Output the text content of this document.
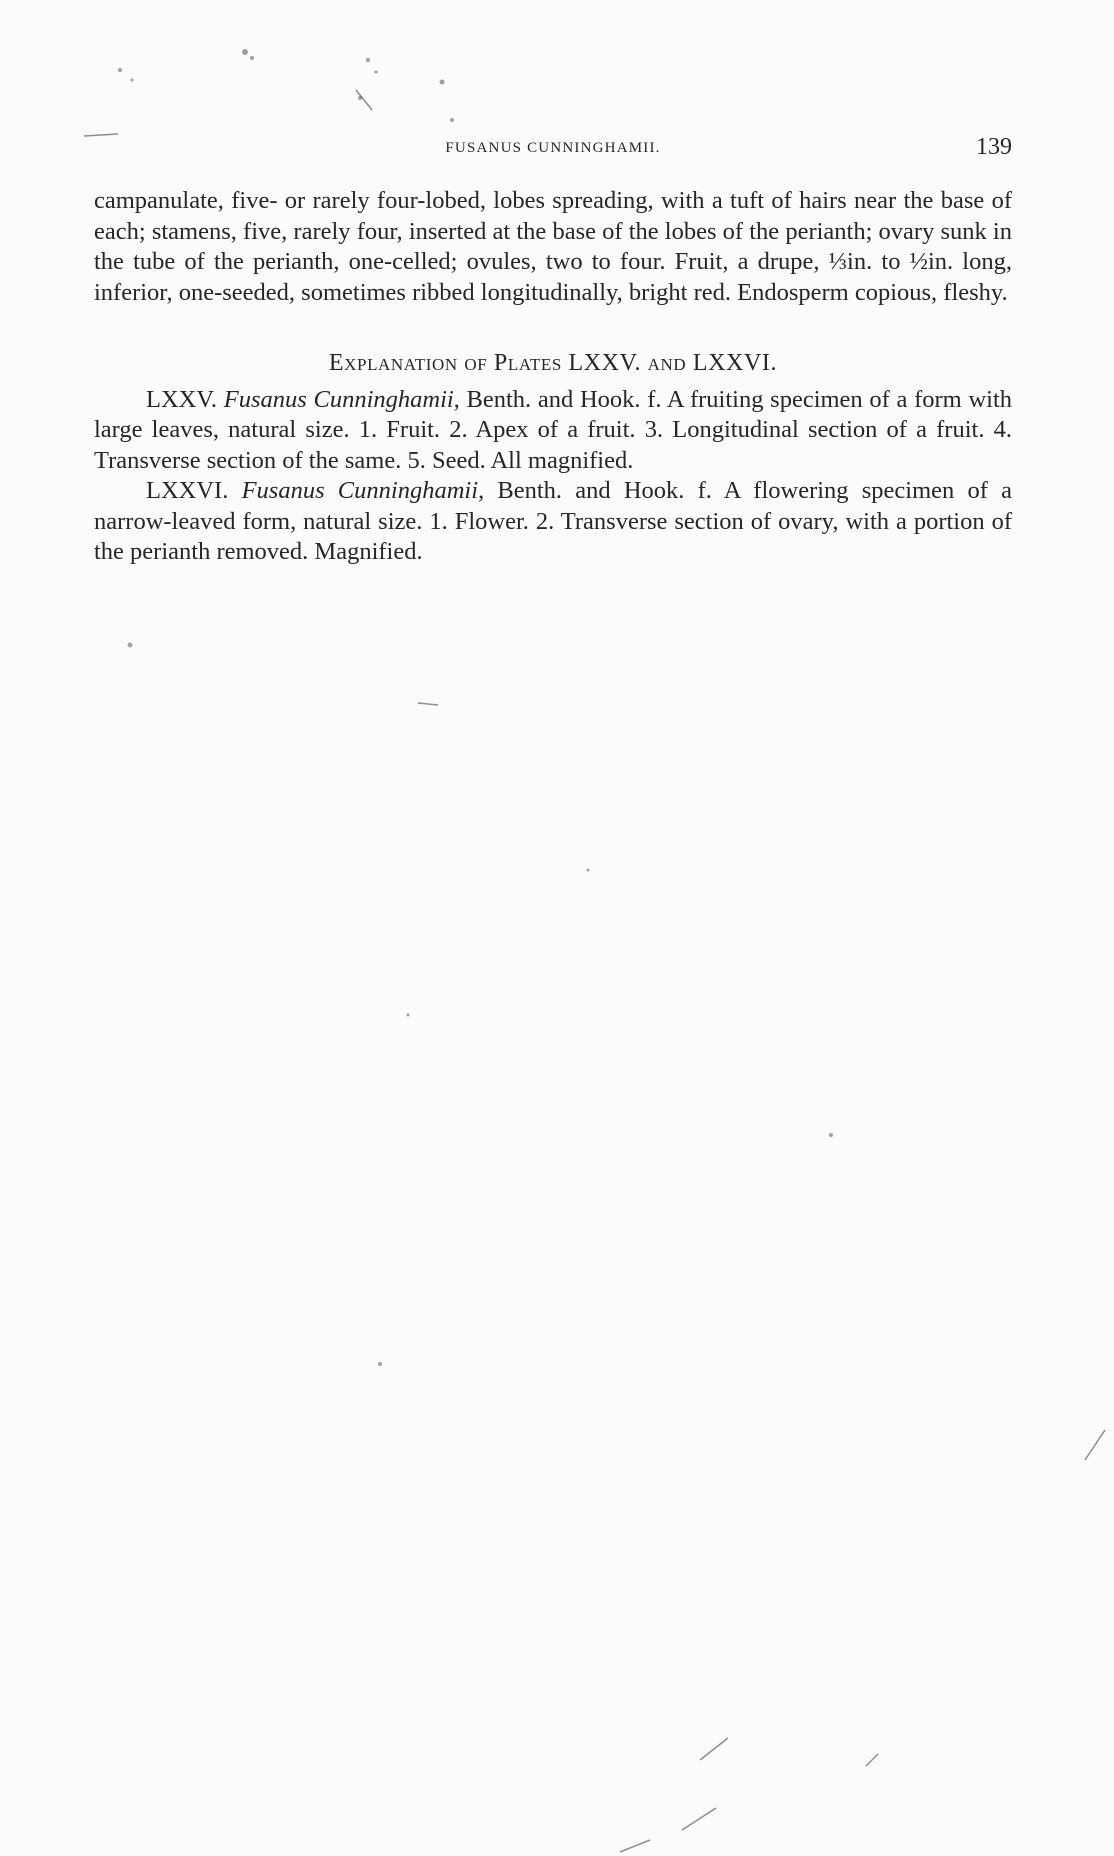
FUSANUS CUNNINGHAMII.	139

campanulate, five- or rarely four-lobed, lobes spreading, with a tuft of hairs near the base of each; stamens, five, rarely four, inserted at the base of the lobes of the perianth; ovary sunk in the tube of the perianth, one-celled; ovules, two to four. Fruit, a drupe, ⅓in. to ½in. long, inferior, one-seeded, sometimes ribbed longitudinally, bright red. Endosperm copious, fleshy.

Explanation of Plates LXXV. and LXXVI.

LXXV. Fusanus Cunninghamii, Benth. and Hook. f. A fruiting specimen of a form with large leaves, natural size. 1. Fruit. 2. Apex of a fruit. 3. Longitudinal section of a fruit. 4. Transverse section of the same. 5. Seed. All magnified.

LXXVI. Fusanus Cunninghamii, Benth. and Hook. f. A flowering specimen of a narrow-leaved form, natural size. 1. Flower. 2. Transverse section of ovary, with a portion of the perianth removed. Magnified.
